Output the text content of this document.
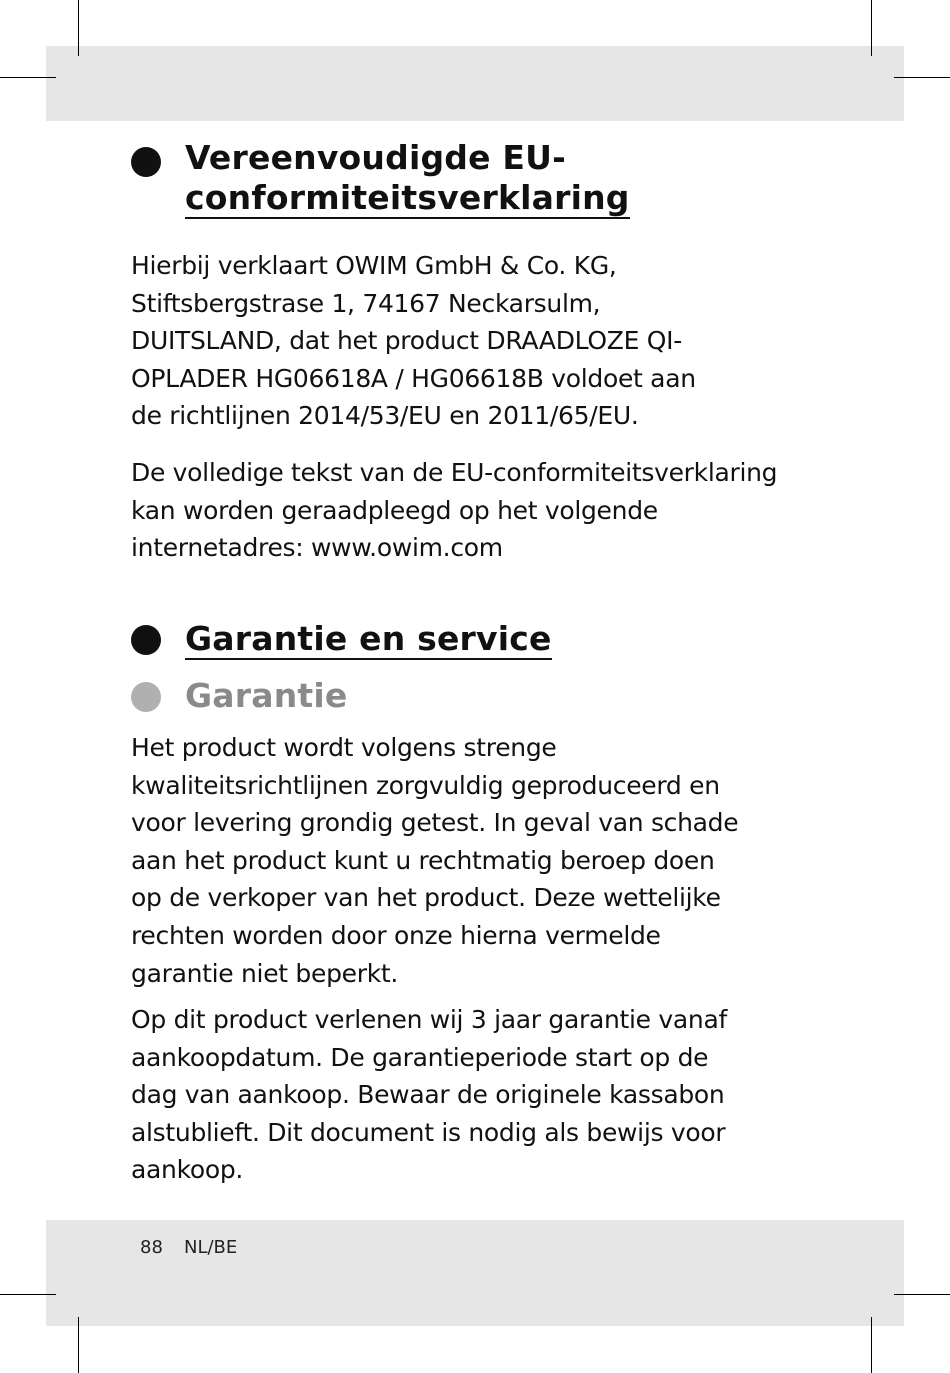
Vereenvoudigde EU-
conformiteitsverklaring
Hierbij verklaart OWIM GmbH & Co. KG,
Stiftsbergstrase 1, 74167 Neckarsulm,
DUITSLAND, dat het product DRAADLOZE QI-
OPLADER HG06618A / HG06618B voldoet aan
de richtlijnen 2014/53/EU en 2011/65/EU.
De volledige tekst van de EU-conformiteitsverklaring
kan worden geraadpleegd op het volgende
internetadres: www.owim.com
Garantie en service
Garantie
Het product wordt volgens strenge
kwaliteitsrichtlijnen zorgvuldig geproduceerd en
voor levering grondig getest. In geval van schade
aan het product kunt u rechtmatig beroep doen
op de verkoper van het product. Deze wettelijke
rechten worden door onze hierna vermelde
garantie niet beperkt.
Op dit product verlenen wij 3 jaar garantie vanaf
aankoopdatum. De garantieperiode start op de
dag van aankoop. Bewaar de originele kassabon
alstublieft. Dit document is nodig als bewijs voor
aankoop.
88 NL/BE
